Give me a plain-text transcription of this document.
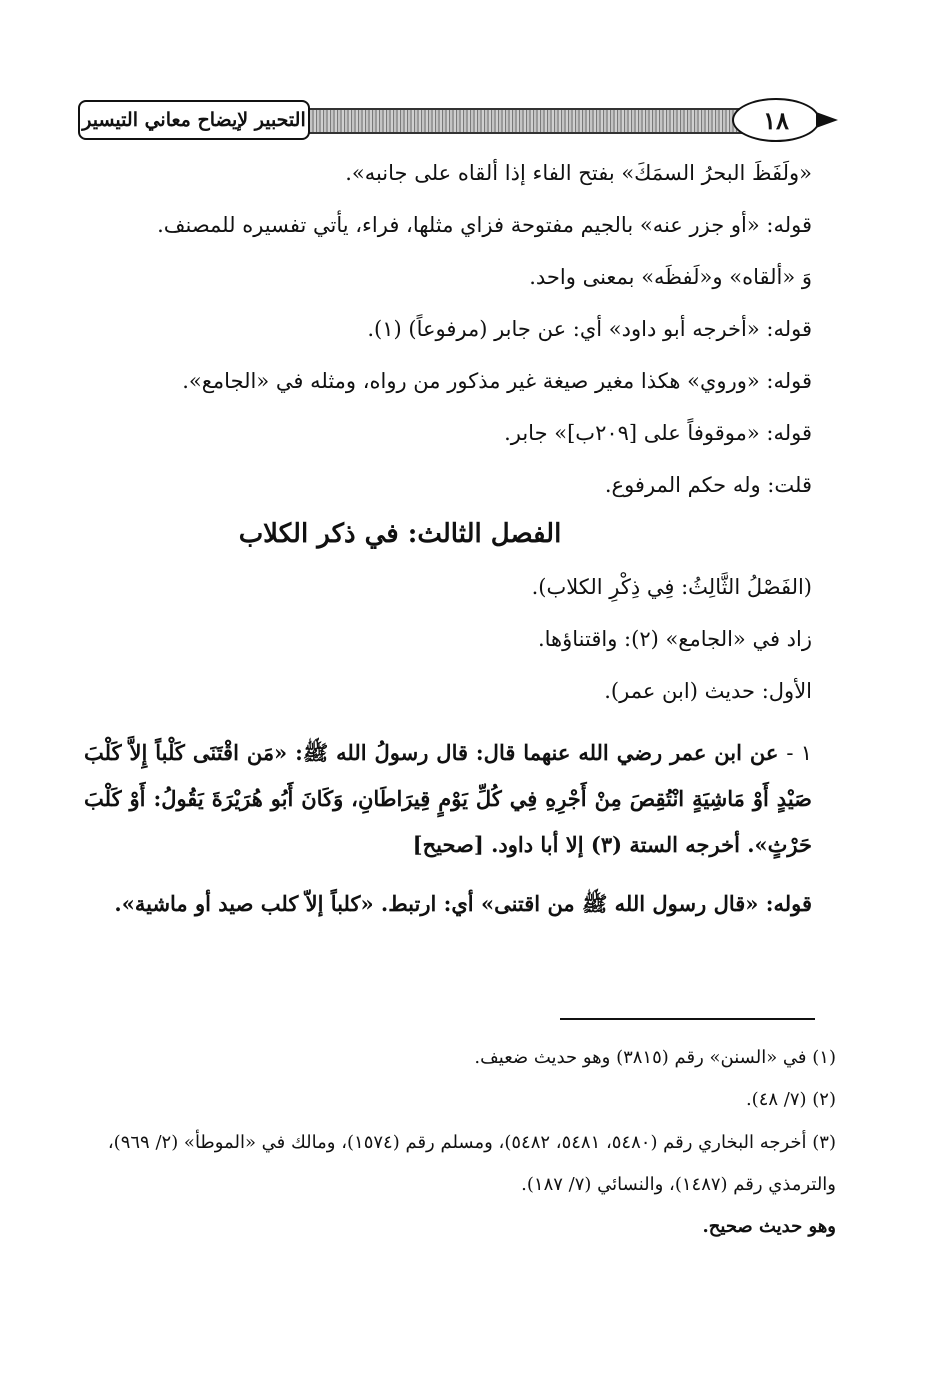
التحبير لإيضاح معاني التيسير	١٨

«ولَفَظَ البحرُ السمَكَ» بفتح الفاء إذا ألقاه على جانبه».

قوله: «أو جزر عنه» بالجيم مفتوحة فزاي مثلها، فراء، يأتي تفسيره للمصنف.

وَ «ألقاه» و«لَفظَه» بمعنى واحد.

قوله: «أخرجه أبو داود» أي: عن جابر (مرفوعاً) (١).

قوله: «وروي» هكذا مغير صيغة غير مذكور من رواه، ومثله في «الجامع».

قوله: «موقوفاً على [٢٠٩ب]» جابر.

قلت: وله حكم المرفوع.

الفصل الثالث: في ذكر الكلاب

(الفَصْلُ الثَّالِثُ: فِي ذِكْرِ الكلاب).

زاد في «الجامع» (٢): واقتناؤها.

الأول: حديث (ابن عمر).

١ - عن ابن عمر رضي الله عنهما قال: قال رسولُ الله ﷺ: «مَن اقْتَنَى كَلْباً إِلاَّ كَلْبَ صَيْدٍ أَوْ مَاشِيَةٍ انْتُقِصَ مِنْ أَجْرِهِ فِي كُلِّ يَوْمٍ قِيرَاطَانِ، وَكَانَ أَبُو هُرَيْرَةَ يَقُولُ: أَوْ كَلْبَ حَرْثٍ». أخرجه الستة (٣) إلا أبا داود. [صحيح]

قوله: «قال رسول الله ﷺ من اقتنى» أي: ارتبط. «كلباً إلاّ كلب صيد أو ماشية».

(١) في «السنن» رقم (٣٨١٥) وهو حديث ضعيف.

(٢) (٧/ ٤٨).

(٣) أخرجه البخاري رقم (٥٤٨٠، ٥٤٨١، ٥٤٨٢)، ومسلم رقم (١٥٧٤)، ومالك في «الموطأ» (٢/ ٩٦٩)،

والترمذي رقم (١٤٨٧)، والنسائي (٧/ ١٨٧).

وهو حديث صحيح.
